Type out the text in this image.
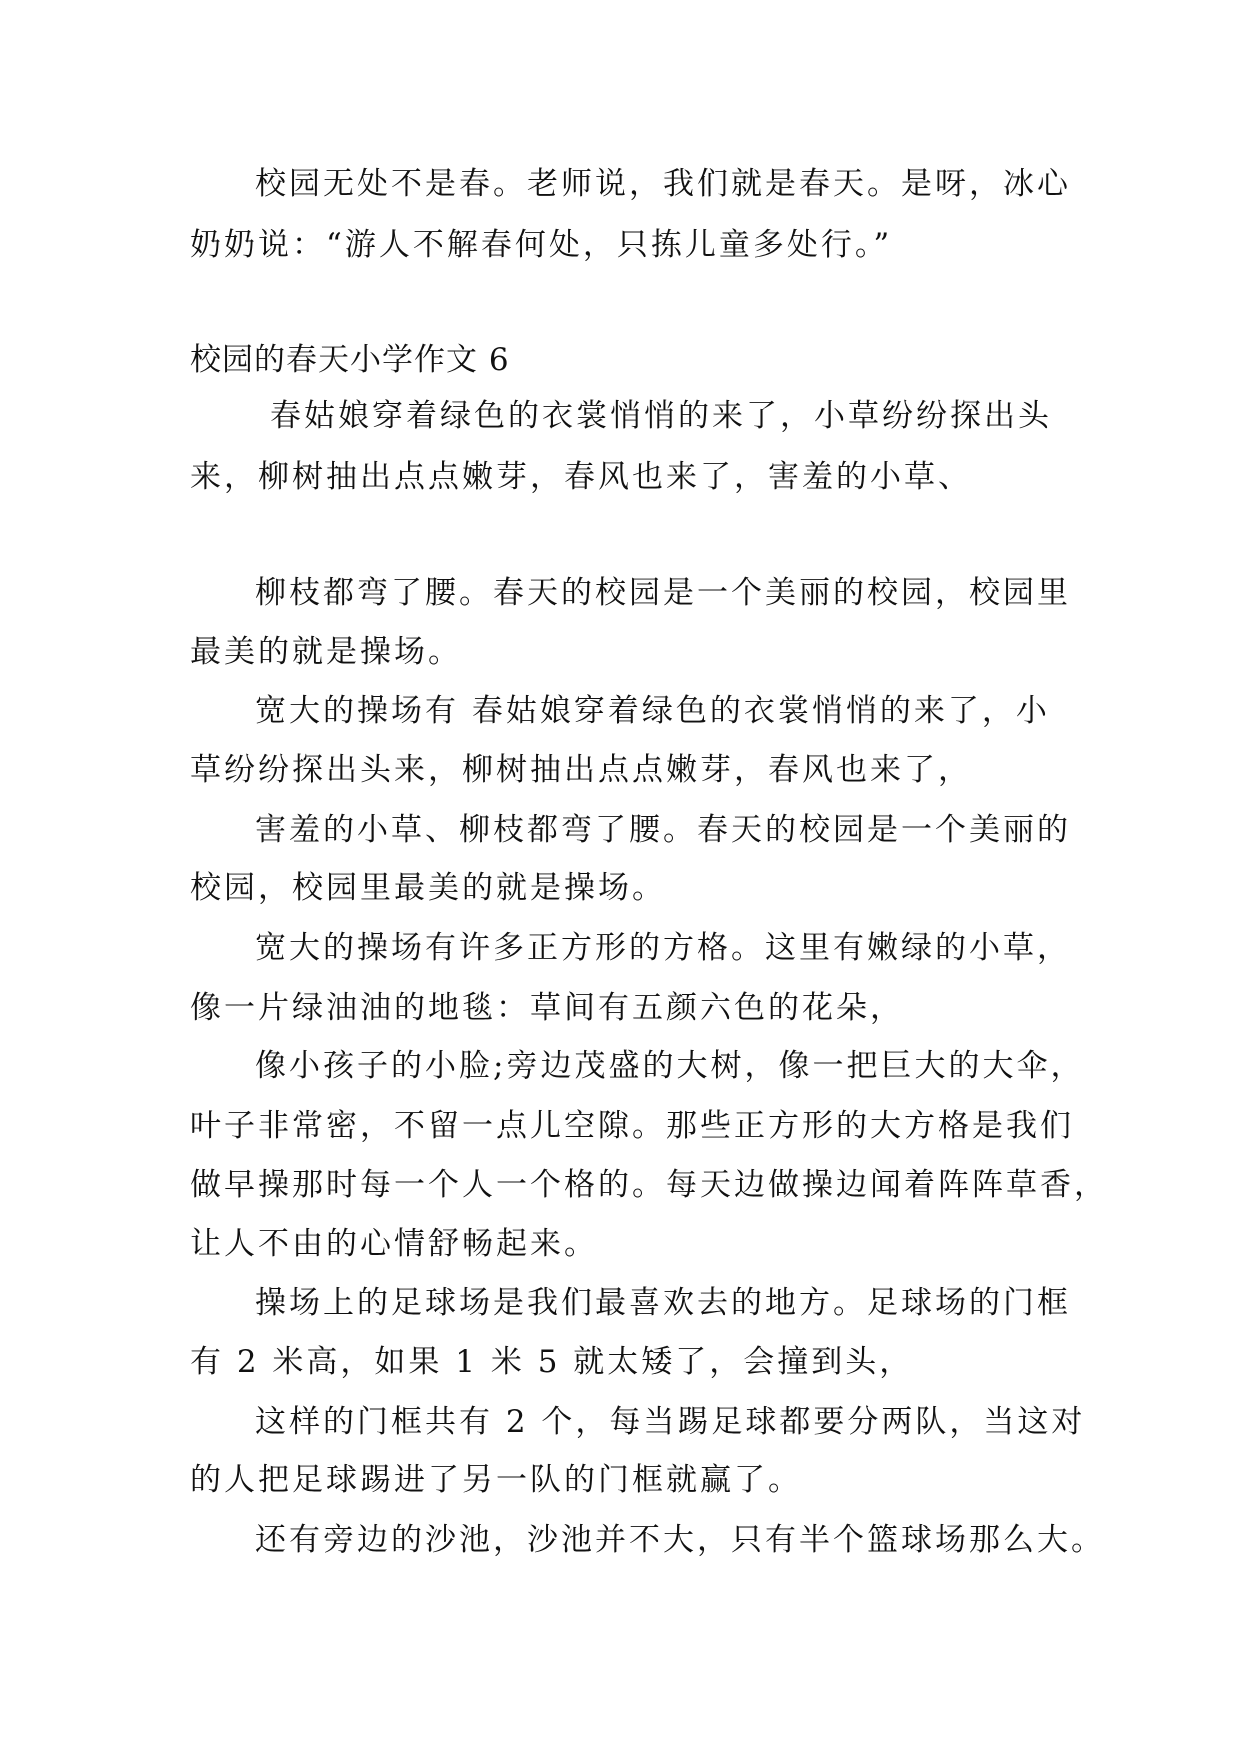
校园无处不是春。老师说，我们就是春天。是呀，冰心

奶奶说：“游人不解春何处，只拣儿童多处行。”

校园的春天小学作文 6

春姑娘穿着绿色的衣裳悄悄的来了，小草纷纷探出头

来，柳树抽出点点嫩芽，春风也来了，害羞的小草、

柳枝都弯了腰。春天的校园是一个美丽的校园，校园里

最美的就是操场。

宽大的操场有 春姑娘穿着绿色的衣裳悄悄的来了，小

草纷纷探出头来，柳树抽出点点嫩芽，春风也来了，

害羞的小草、柳枝都弯了腰。春天的校园是一个美丽的

校园，校园里最美的就是操场。

宽大的操场有许多正方形的方格。这里有嫩绿的小草，

像一片绿油油的地毯：草间有五颜六色的花朵，

像小孩子的小脸;旁边茂盛的大树，像一把巨大的大伞，

叶子非常密，不留一点儿空隙。那些正方形的大方格是我们

做早操那时每一个人一个格的。每天边做操边闻着阵阵草香，

让人不由的心情舒畅起来。

操场上的足球场是我们最喜欢去的地方。足球场的门框

有 2 米高，如果 1 米 5 就太矮了，会撞到头，

这样的门框共有 2 个，每当踢足球都要分两队，当这对

的人把足球踢进了另一队的门框就赢了。

还有旁边的沙池，沙池并不大，只有半个篮球场那么大。
